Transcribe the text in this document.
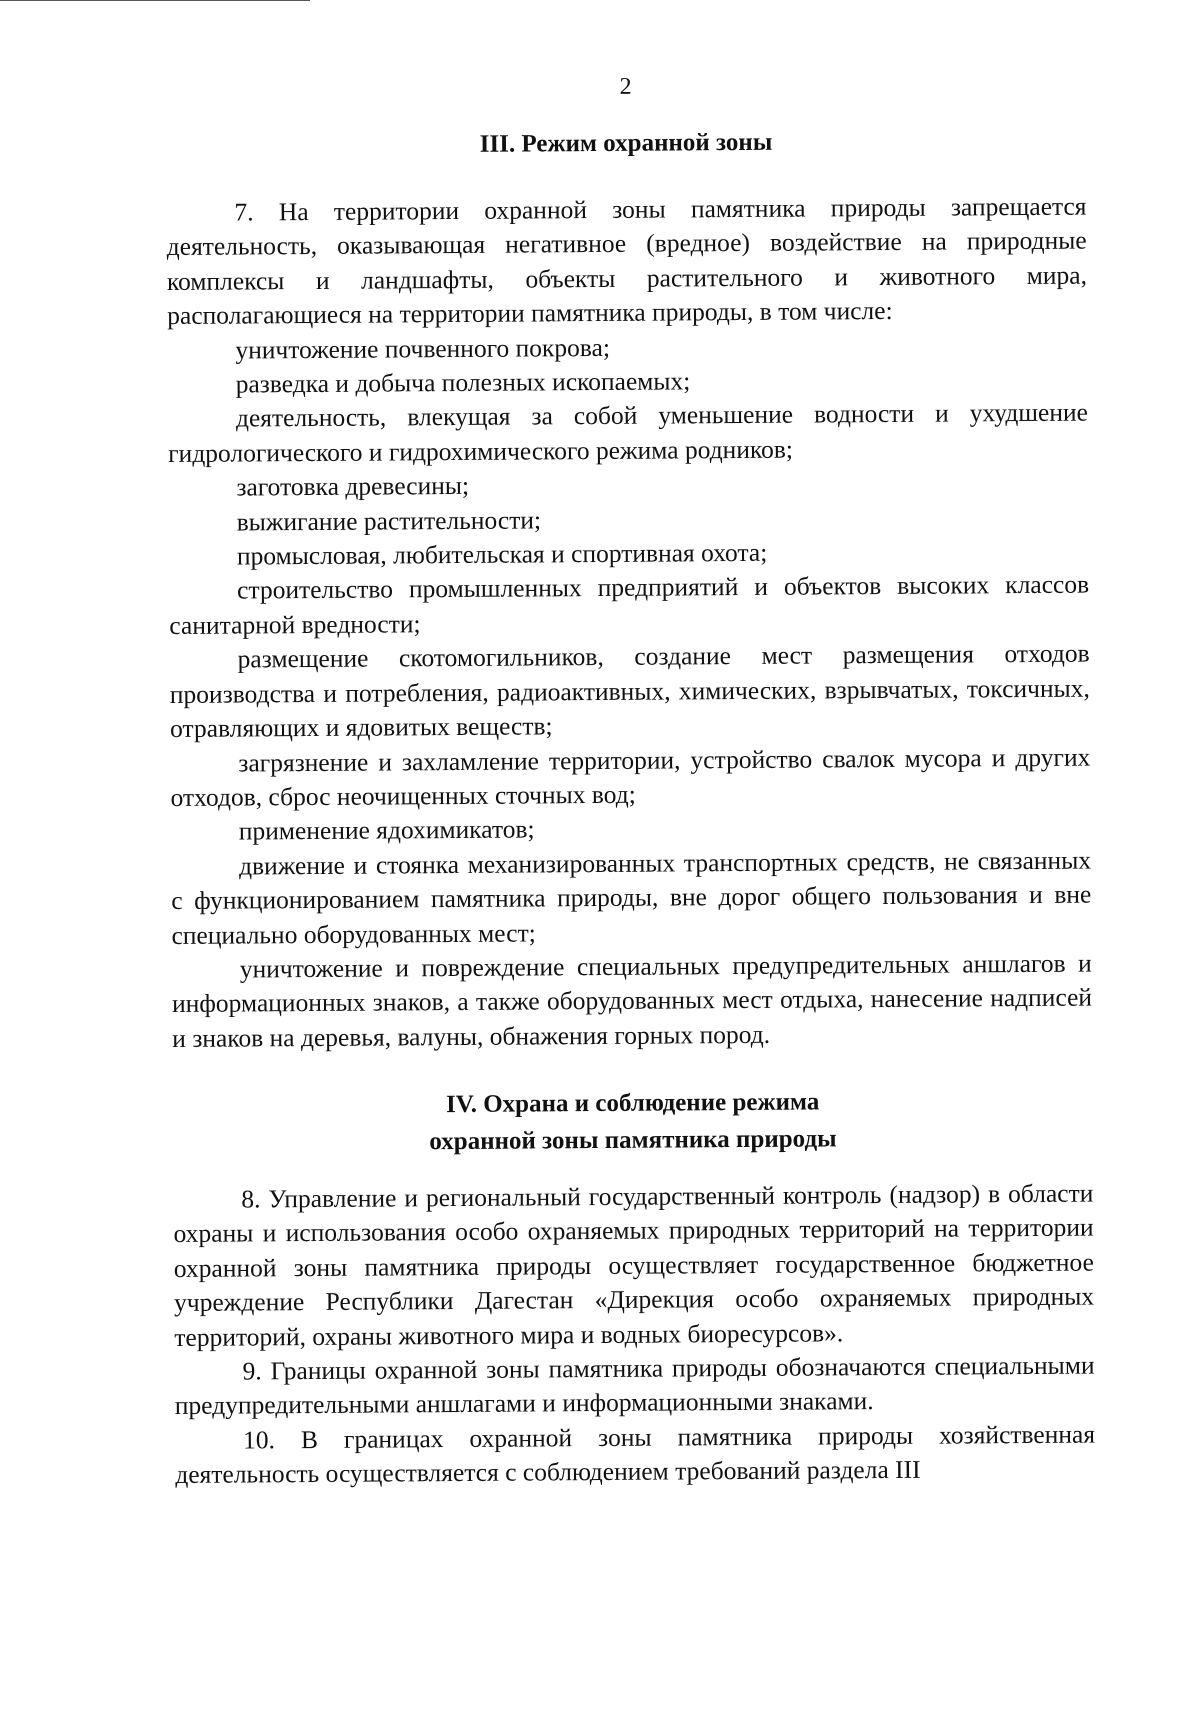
2
III. Режим охранной зоны

7. На территории охранной зоны памятника природы запрещается деятельность, оказывающая негативное (вредное) воздействие на природные комплексы и ландшафты, объекты растительного и животного мира, располагающиеся на территории памятника природы, в том числе:

уничтожение почвенного покрова;

разведка и добыча полезных ископаемых;

деятельность, влекущая за собой уменьшение водности и ухудшение гидрологического и гидрохимического режима родников;

заготовка древесины;

выжигание растительности;

промысловая, любительская и спортивная охота;

строительство промышленных предприятий и объектов высоких классов санитарной вредности;

размещение скотомогильников, создание мест размещения отходов производства и потребления, радиоактивных, химических, взрывчатых, токсичных, отравляющих и ядовитых веществ;

загрязнение и захламление территории, устройство свалок мусора и других отходов, сброс неочищенных сточных вод;

применение ядохимикатов;

движение и стоянка механизированных транспортных средств, не связанных с функционированием памятника природы, вне дорог общего пользования и вне специально оборудованных мест;

уничтожение и повреждение специальных предупредительных аншлагов и информационных знаков, а также оборудованных мест отдыха, нанесение надписей и знаков на деревья, валуны, обнажения горных пород.

IV. Охрана и соблюдение режима
охранной зоны памятника природы

8. Управление и региональный государственный контроль (надзор) в области охраны и использования особо охраняемых природных территорий на территории охранной зоны памятника природы осуществляет государственное бюджетное учреждение Республики Дагестан «Дирекция особо охраняемых природных территорий, охраны животного мира и водных биоресурсов».

9. Границы охранной зоны памятника природы обозначаются специальными предупредительными аншлагами и информационными знаками.

10. В границах охранной зоны памятника природы хозяйственная деятельность осуществляется с соблюдением требований раздела III
